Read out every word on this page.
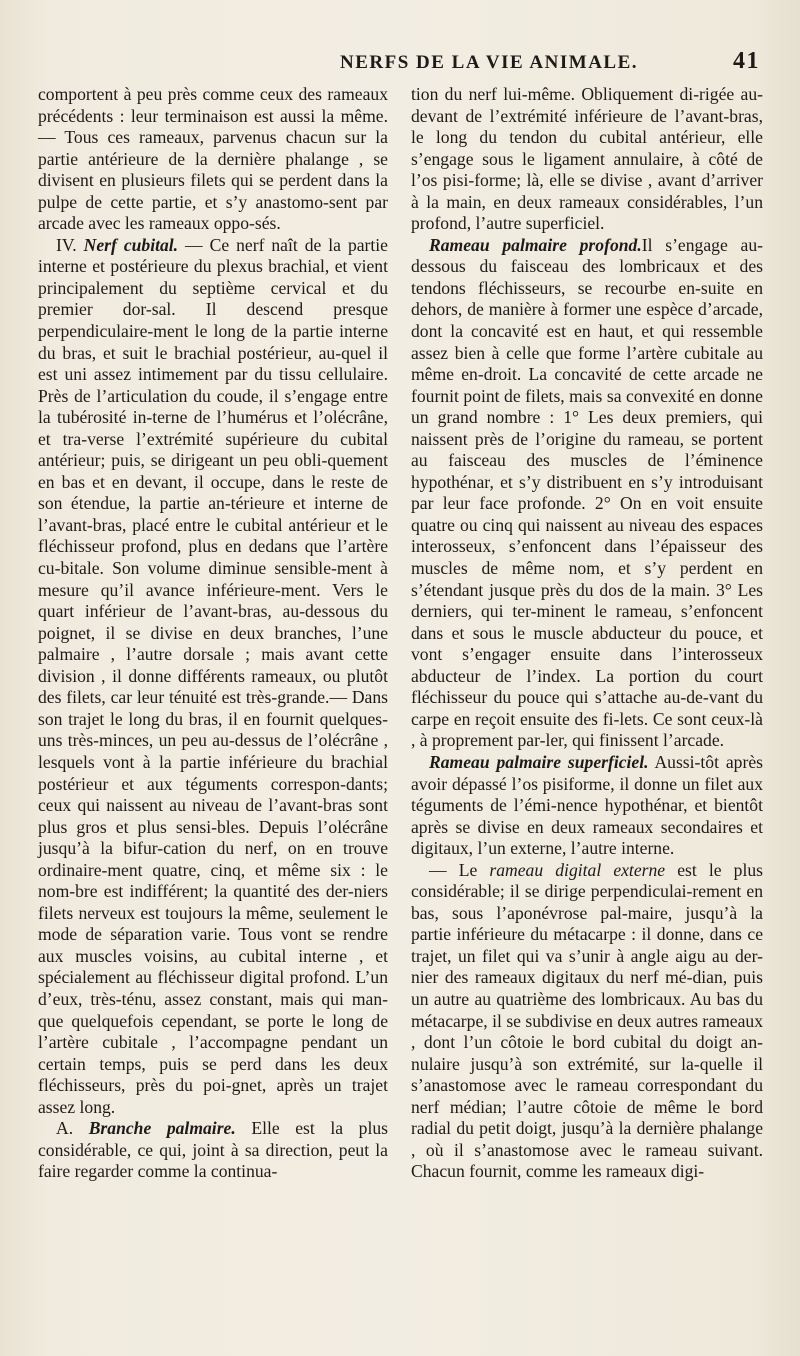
NERFS DE LA VIE ANIMALE.	41

comportent à peu près comme ceux des rameaux précédents : leur terminaison est aussi la même. — Tous ces rameaux, parvenus chacun sur la partie antérieure de la dernière phalange , se divisent en plusieurs filets qui se perdent dans la pulpe de cette partie, et s’y anastomo-sent par arcade avec les rameaux oppo-sés.

IV. Nerf cubital. — Ce nerf naît de la partie interne et postérieure du plexus brachial, et vient principalement du septième cervical et du premier dor-sal. Il descend presque perpendiculaire-ment le long de la partie interne du bras, et suit le brachial postérieur, au-quel il est uni assez intimement par du tissu cellulaire. Près de l’articulation du coude, il s’engage entre la tubérosité in-terne de l’humérus et l’olécrâne, et tra-verse l’extrémité supérieure du cubital antérieur; puis, se dirigeant un peu obli-quement en bas et en devant, il occupe, dans le reste de son étendue, la partie an-térieure et interne de l’avant-bras, placé entre le cubital antérieur et le fléchisseur profond, plus en dedans que l’artère cu-bitale. Son volume diminue sensible-ment à mesure qu’il avance inférieure-ment. Vers le quart inférieur de l’avant-bras, au-dessous du poignet, il se divise en deux branches, l’une palmaire , l’autre dorsale ; mais avant cette division , il donne différents rameaux, ou plutôt des filets, car leur ténuité est très-grande.— Dans son trajet le long du bras, il en fournit quelques-uns très-minces, un peu au-dessus de l’olécrâne , lesquels vont à la partie inférieure du brachial postérieur et aux téguments correspon-dants; ceux qui naissent au niveau de l’avant-bras sont plus gros et plus sensi-bles. Depuis l’olécrâne jusqu’à la bifur-cation du nerf, on en trouve ordinaire-ment quatre, cinq, et même six : le nom-bre est indifférent; la quantité des der-niers filets nerveux est toujours la même, seulement le mode de séparation varie. Tous vont se rendre aux muscles voisins, au cubital interne , et spécialement au fléchisseur digital profond. L’un d’eux, très-ténu, assez constant, mais qui man-que quelquefois cependant, se porte le long de l’artère cubitale , l’accompagne pendant un certain temps, puis se perd dans les deux fléchisseurs, près du poi-gnet, après un trajet assez long.

A. Branche palmaire. Elle est la plus considérable, ce qui, joint à sa direction, peut la faire regarder comme la continua-

tion du nerf lui-même. Obliquement di-rigée au-devant de l’extrémité inférieure de l’avant-bras, le long du tendon du cubital antérieur, elle s’engage sous le ligament annulaire, à côté de l’os pisi-forme; là, elle se divise , avant d’arriver à la main, en deux rameaux considérables, l’un profond, l’autre superficiel.

Rameau palmaire profond.Il s’engage au-dessous du faisceau des lombricaux et des tendons fléchisseurs, se recourbe en-suite en dehors, de manière à former une espèce d’arcade, dont la concavité est en haut, et qui ressemble assez bien à celle que forme l’artère cubitale au même en-droit. La concavité de cette arcade ne fournit point de filets, mais sa convexité en donne un grand nombre : 1° Les deux premiers, qui naissent près de l’origine du rameau, se portent au faisceau des muscles de l’éminence hypothénar, et s’y distribuent en s’y introduisant par leur face profonde. 2° On en voit ensuite quatre ou cinq qui naissent au niveau des espaces interosseux, s’enfoncent dans l’épaisseur des muscles de même nom, et s’y perdent en s’étendant jusque près du dos de la main. 3° Les derniers, qui ter-minent le rameau, s’enfoncent dans et sous le muscle abducteur du pouce, et vont s’engager ensuite dans l’interosseux abducteur de l’index. La portion du court fléchisseur du pouce qui s’attache au-de-vant du carpe en reçoit ensuite des fi-lets. Ce sont ceux-là , à proprement par-ler, qui finissent l’arcade.

Rameau palmaire superficiel. Aussi-tôt après avoir dépassé l’os pisiforme, il donne un filet aux téguments de l’émi-nence hypothénar, et bientôt après se divise en deux rameaux secondaires et digitaux, l’un externe, l’autre interne.

— Le rameau digital externe est le plus considérable; il se dirige perpendiculai-rement en bas, sous l’aponévrose pal-maire, jusqu’à la partie inférieure du métacarpe : il donne, dans ce trajet, un filet qui va s’unir à angle aigu au der-nier des rameaux digitaux du nerf mé-dian, puis un autre au quatrième des lombricaux. Au bas du métacarpe, il se subdivise en deux autres rameaux , dont l’un côtoie le bord cubital du doigt an-nulaire jusqu’à son extrémité, sur la-quelle il s’anastomose avec le rameau correspondant du nerf médian; l’autre côtoie de même le bord radial du petit doigt, jusqu’à la dernière phalange , où il s’anastomose avec le rameau suivant. Chacun fournit, comme les rameaux digi-
